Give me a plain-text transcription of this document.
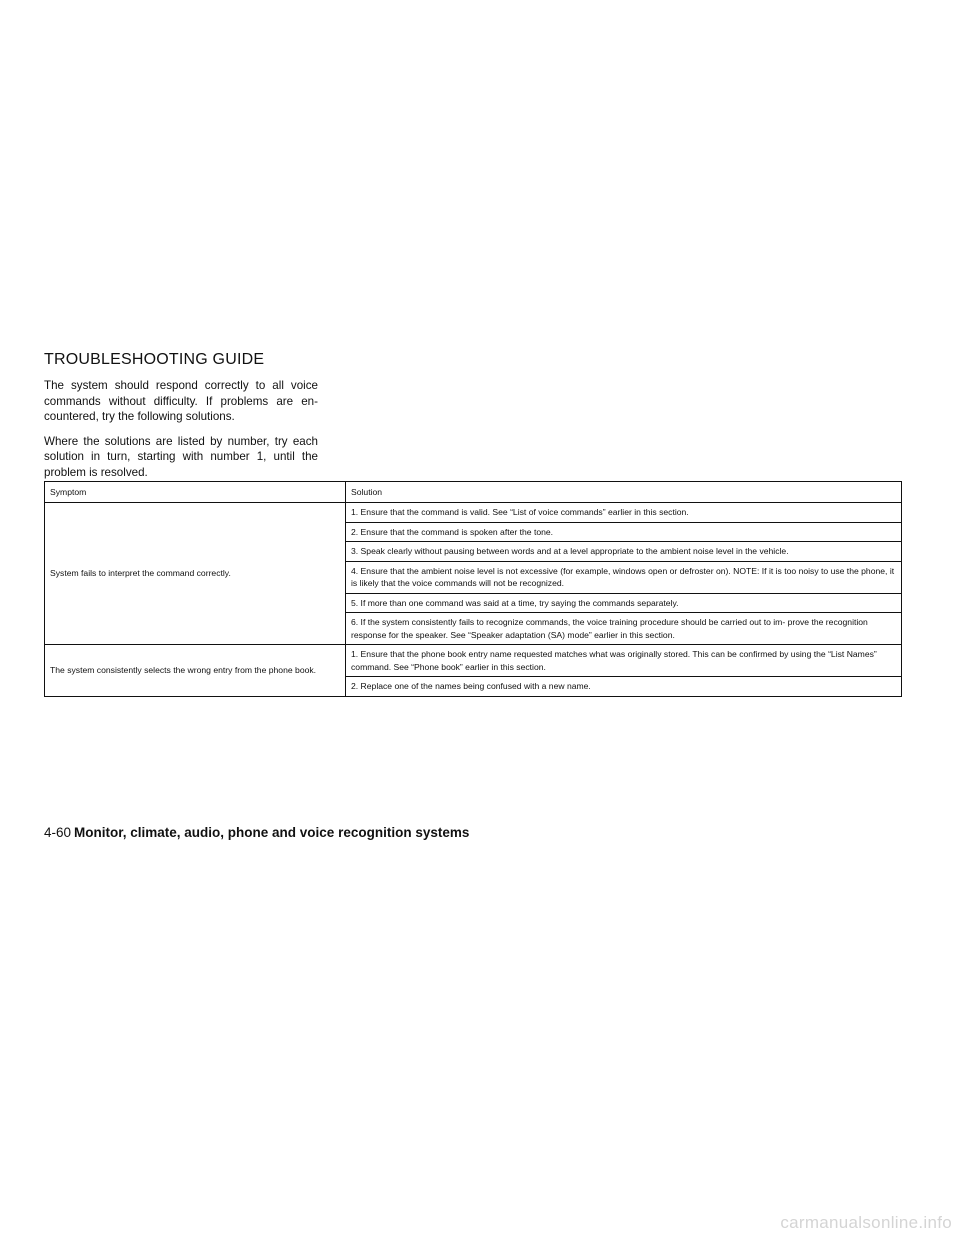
TROUBLESHOOTING GUIDE

The system should respond correctly to all voice commands without difficulty. If problems are en- countered, try the following solutions.

Where the solutions are listed by number, try each solution in turn, starting with number 1, until the problem is resolved.

Symptom	Solution
System fails to interpret the command correctly.	1. Ensure that the command is valid. See “List of voice commands” earlier in this section.
	2. Ensure that the command is spoken after the tone.
	3. Speak clearly without pausing between words and at a level appropriate to the ambient noise level in the vehicle.
	4. Ensure that the ambient noise level is not excessive (for example, windows open or defroster on). NOTE: If it is too noisy to use the phone, it is likely that the voice commands will not be recognized.
	5. If more than one command was said at a time, try saying the commands separately.
	6. If the system consistently fails to recognize commands, the voice training procedure should be carried out to im- prove the recognition response for the speaker. See “Speaker adaptation (SA) mode” earlier in this section.
The system consistently selects the wrong entry from the phone book.	1. Ensure that the phone book entry name requested matches what was originally stored. This can be confirmed by using the “List Names” command. See “Phone book” earlier in this section.
	2. Replace one of the names being confused with a new name.
4-60 Monitor, climate, audio, phone and voice recognition systems
carmanualsonline.info
